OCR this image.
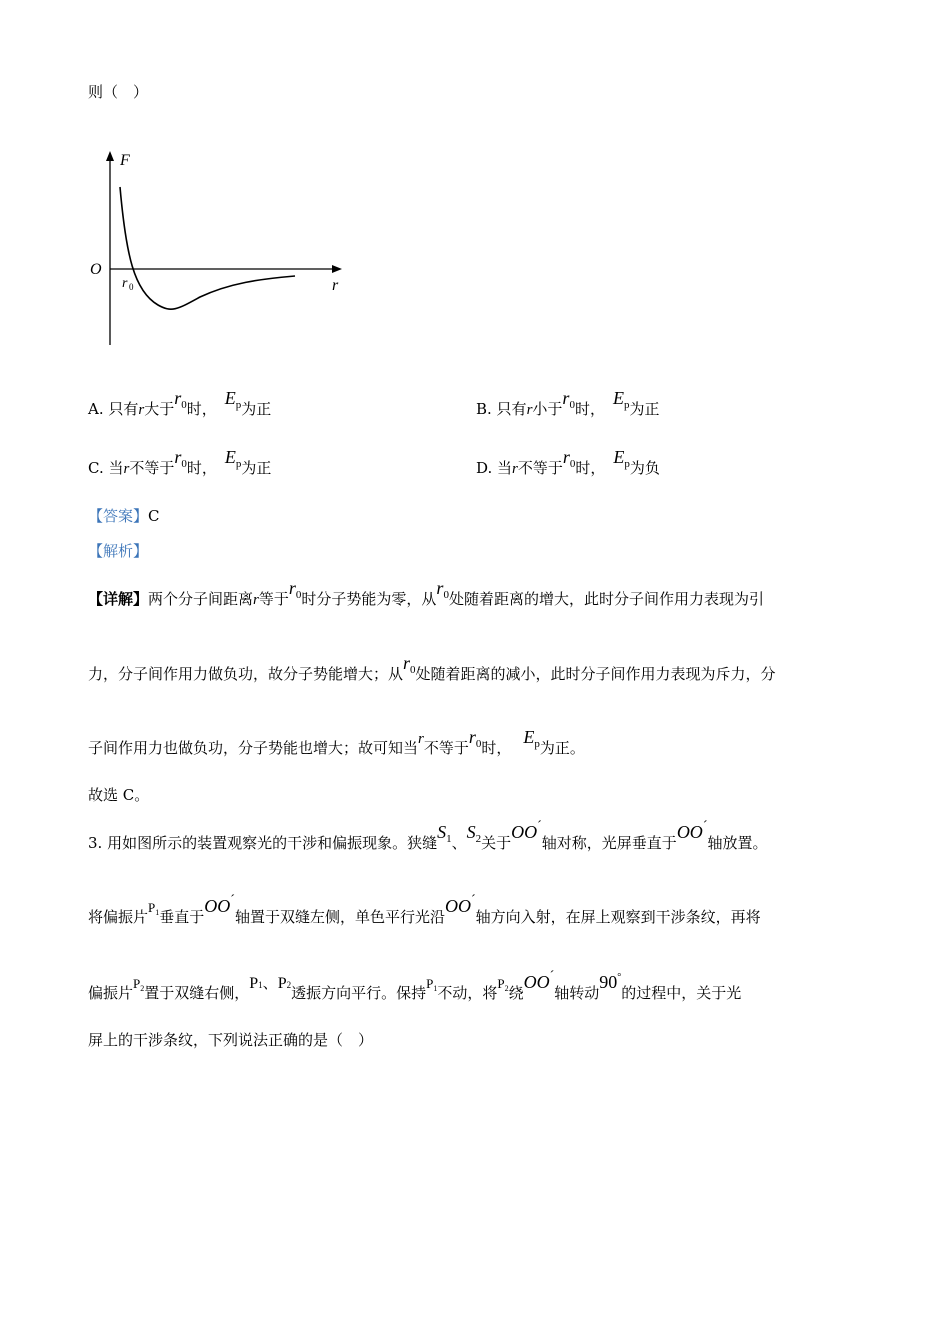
则（　）
F
O
r
r 0
A. 只有r大于$r_0$时，$E_p$为正	B. 只有r小于$r_0$时，$E_p$为正
C. 当r不等于$r_0$时，$E_p$为正	D. 当r不等于$r_0$时，$E_p$为负
【答案】C
【解析】
【详解】两个分子间距离r等于$r_0$时分子势能为零，从$r_0$处随着距离的增大，此时分子间作用力表现为引
力，分子间作用力做负功，故分子势能增大；从$r_0$处随着距离的减小，此时分子间作用力表现为斥力，分
子间作用力也做负功，分子势能也增大；故可知当r不等于$r_0$时，$E_p$为正。
故选 C。
3. 用如图所示的装置观察光的干涉和偏振现象。狭缝$S_1$、$S_2$关于OO´轴对称，光屏垂直于OO´轴放置。
将偏振片$P_1$垂直于OO´轴置于双缝左侧，单色平行光沿OO´轴方向入射，在屏上观察到干涉条纹，再将
偏振片$P_2$置于双缝右侧，P1、P2透振方向平行。保持$P_1$不动，将$P_2$绕OO´轴转动90°的过程中，关于光
屏上的干涉条纹，下列说法正确的是（　）
